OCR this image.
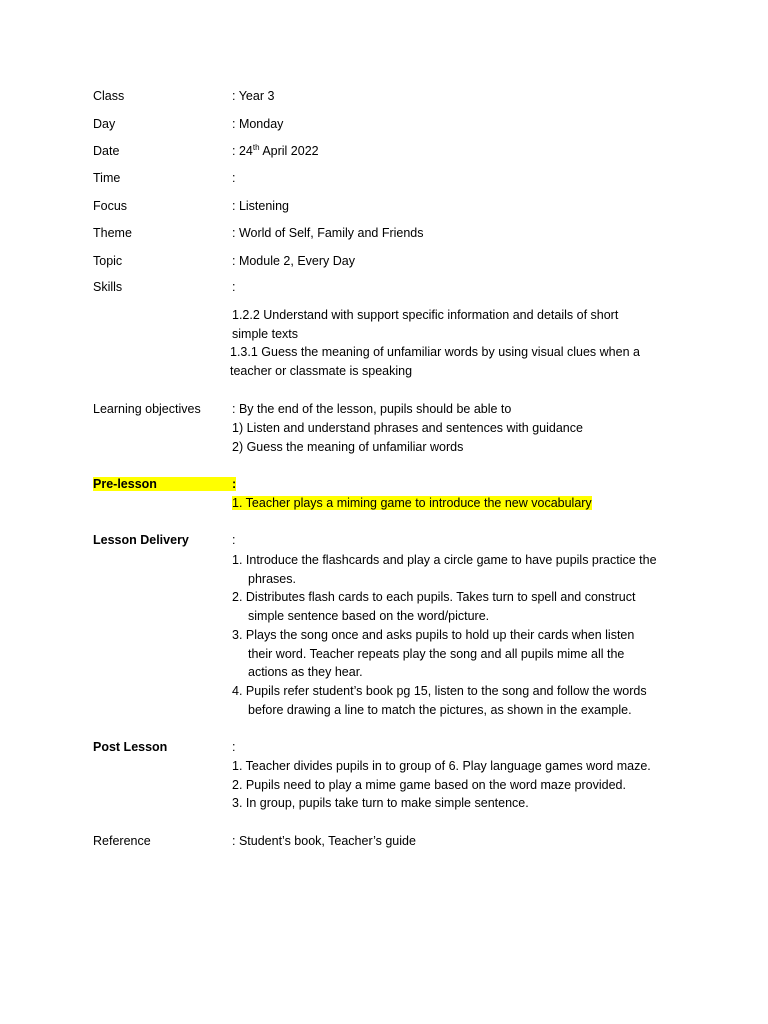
Class	: Year 3
Day	: Monday
Date	: 24th April 2022
Time	:
Focus	: Listening
Theme	: World of Self, Family and Friends
Topic	: Module 2, Every Day
Skills	:
1.2.2 Understand with support specific information and details of short
simple texts
1.3.1 Guess the meaning of unfamiliar words by using visual clues when a
teacher or classmate is speaking
Learning objectives	: By the end of the lesson, pupils should be able to
1) Listen and understand phrases and sentences with guidance
2) Guess the meaning of unfamiliar words
Pre-lesson	:
1. Teacher plays a miming game to introduce the new vocabulary
Lesson Delivery	:
1. Introduce the flashcards and play a circle game to have pupils practice the
phrases.
2. Distributes flash cards to each pupils. Takes turn to spell and construct
simple sentence based on the word/picture.
3. Plays the song once and asks pupils to hold up their cards when listen
their word. Teacher repeats play the song and all pupils mime all the
actions as they hear.
4. Pupils refer student’s book pg 15, listen to the song and follow the words
before drawing a line to match the pictures, as shown in the example.
Post Lesson	:
1. Teacher divides pupils in to group of 6. Play language games word maze.
2. Pupils need to play a mime game based on the word maze provided.
3. In group, pupils take turn to make simple sentence.
Reference	: Student’s book, Teacher’s guide
